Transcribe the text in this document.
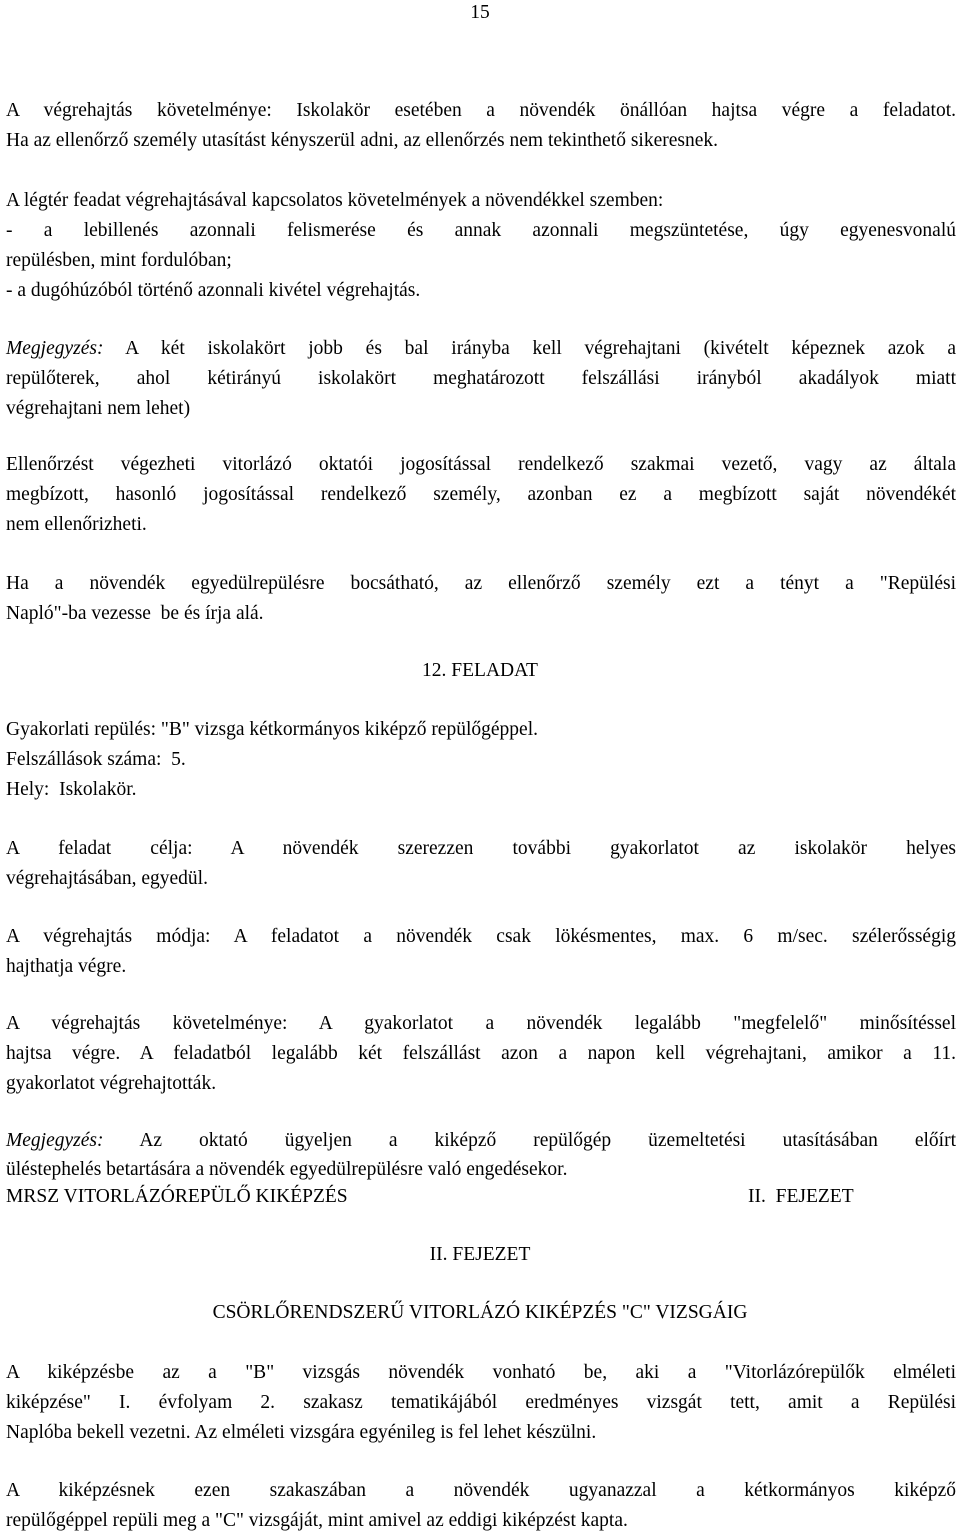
15
A végrehajtás követelménye: Iskolakör esetében a növendék önállóan hajtsa végre a feladatot.
Ha az ellenőrző személy utasítást kényszerül adni, az ellenőrzés nem tekinthető sikeresnek.
A légtér feadat végrehajtásával kapcsolatos követelmények a növendékkel szemben:
- a lebillenés azonnali felismerése és annak azonnali megszüntetése, úgy egyenesvonalú
repülésben, mint fordulóban;
- a dugóhúzóból történő azonnali kivétel végrehajtás.
Megjegyzés: A két iskolakört jobb és bal irányba kell végrehajtani (kivételt képeznek azok a
repülőterek, ahol kétirányú iskolakört meghatározott felszállási irányból akadályok miatt
végrehajtani nem lehet)
Ellenőrzést végezheti vitorlázó oktatói jogosítással rendelkező szakmai vezető, vagy az általa
megbízott, hasonló jogosítással rendelkező személy, azonban ez a megbízott saját növendékét
nem ellenőrizheti.
Ha a növendék egyedülrepülésre bocsátható, az ellenőrző személy ezt a tényt a "Repülési
Napló"-ba vezesse  be és írja alá.
12. FELADAT
Gyakorlati repülés: "B" vizsga kétkormányos kiképző repülőgéppel.
Felszállások száma:  5.
Hely:  Iskolakör.
A feladat célja: A növendék szerezzen további gyakorlatot az iskolakör helyes
végrehajtásában, egyedül.
A végrehajtás módja: A feladatot a növendék csak lökésmentes, max. 6 m/sec. szélerősségig
hajthatja végre.
A végrehajtás követelménye: A gyakorlatot a növendék legalább "megfelelő" minősítéssel
hajtsa végre. A feladatból legalább két felszállást azon a napon kell végrehajtani, amikor a 11.
gyakorlatot végrehajtották.
Megjegyzés: Az oktató ügyeljen a kiképző repülőgép üzemeltetési utasításában előírt
üléstерhelés betartására a növendék egyedülrepülésre való engedésekor.
MRSZ VITORLÁZÓREPÜLŐ KIKÉPZÉS	II.  FEJEZET
II. FEJEZET
CSÖRLŐRENDSZERŰ VITORLÁZÓ KIKÉPZÉS "C" VIZSGÁIG
A kiképzésbe az a "B" vizsgás növendék vonható be, aki a "Vitorlázórepülők elméleti
kiképzése" I. évfolyam 2. szakasz tematikájából eredményes vizsgát tett, amit a Repülési
Naplóba bekell vezetni. Az elméleti vizsgára egyénileg is fel lehet készülni.
A kiképzésnek ezen szakaszában a növendék ugyanazzal a kétkormányos kiképző
repülőgéppel repüli meg a "C" vizsgáját, mint amivel az eddigi kiképzést kapta.
